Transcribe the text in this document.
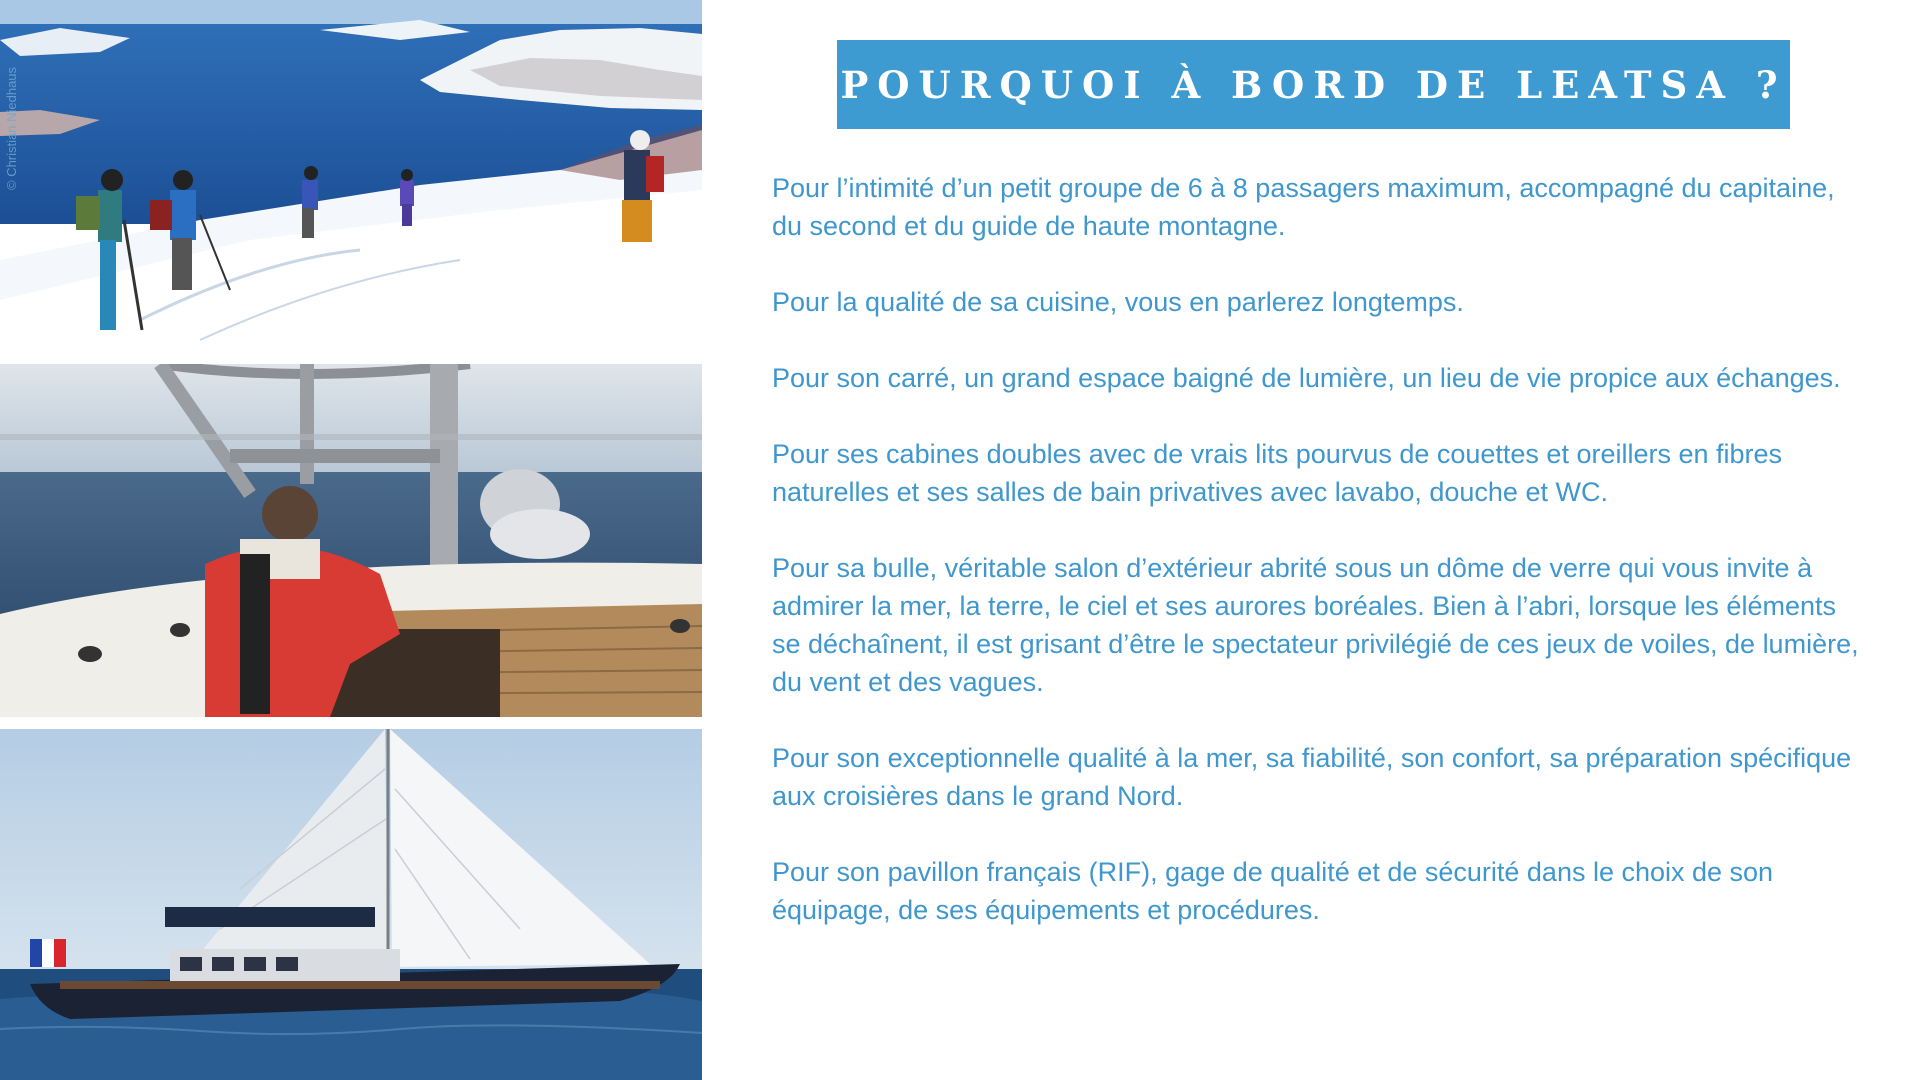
© Christian Niedhaus	POURQUOI À BORD DE LEATSA ?

Pour l’intimité d’un petit groupe de 6 à 8 passagers maximum, accompagné du capitaine, du second et du guide de haute montagne.

Pour la qualité de sa cuisine, vous en parlerez longtemps.

Pour son carré, un grand espace baigné de lumière, un lieu de vie propice aux échanges.

Pour ses cabines doubles avec de vrais lits pourvus de couettes et oreillers en fibres naturelles et ses salles de bain privatives avec lavabo, douche et WC.

Pour sa bulle, véritable salon d’extérieur abrité sous un dôme de verre qui vous invite à admirer la mer, la terre, le ciel et ses aurores boréales. Bien à l’abri, lorsque les éléments se déchaînent, il est grisant d’être le spectateur privilégié de ces jeux de voiles, de lumière, du vent et des vagues.

Pour son exceptionnelle qualité à la mer, sa fiabilité, son confort, sa préparation spécifique aux croisières dans le grand Nord.

Pour son pavillon français (RIF), gage de qualité et de sécurité dans le choix de son équipage, de ses équipements et procédures.
